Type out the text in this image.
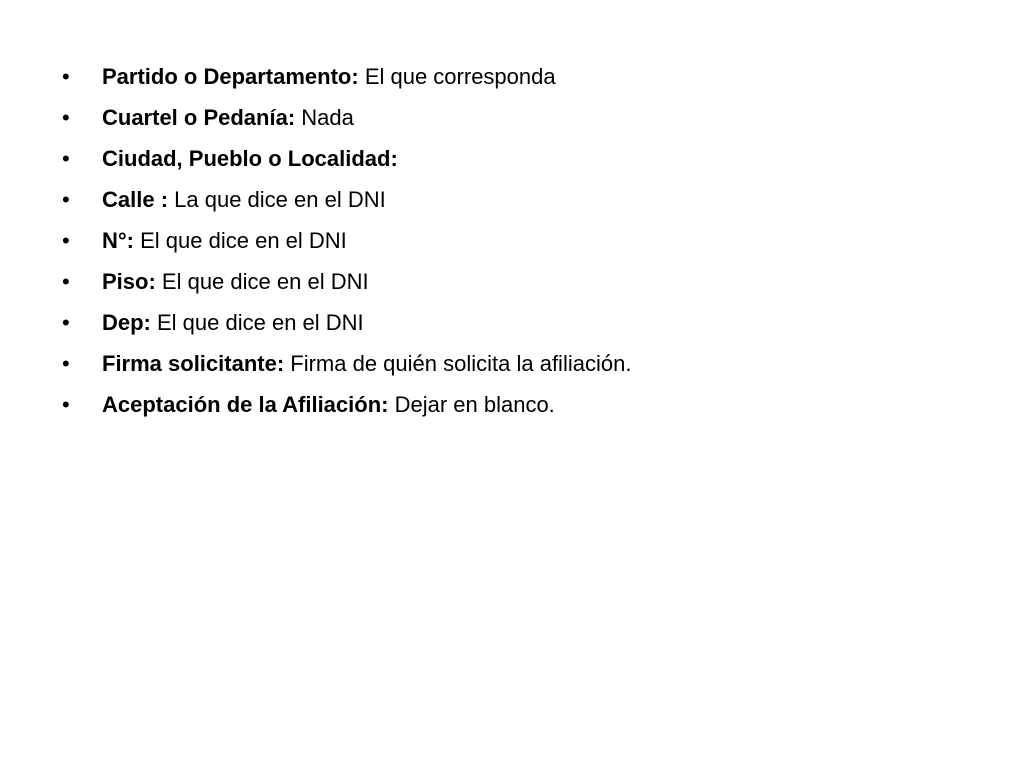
•	Partido o Departamento: El que corresponda
•	Cuartel o Pedanía: Nada
•	Ciudad, Pueblo o Localidad:
•	Calle : La que dice en el DNI
•	N°: El que dice en el DNI
•	Piso: El que dice en el DNI
•	Dep: El que dice en el DNI
•	Firma solicitante: Firma de quién solicita la afiliación.
•	Aceptación de la Afiliación: Dejar en blanco.
